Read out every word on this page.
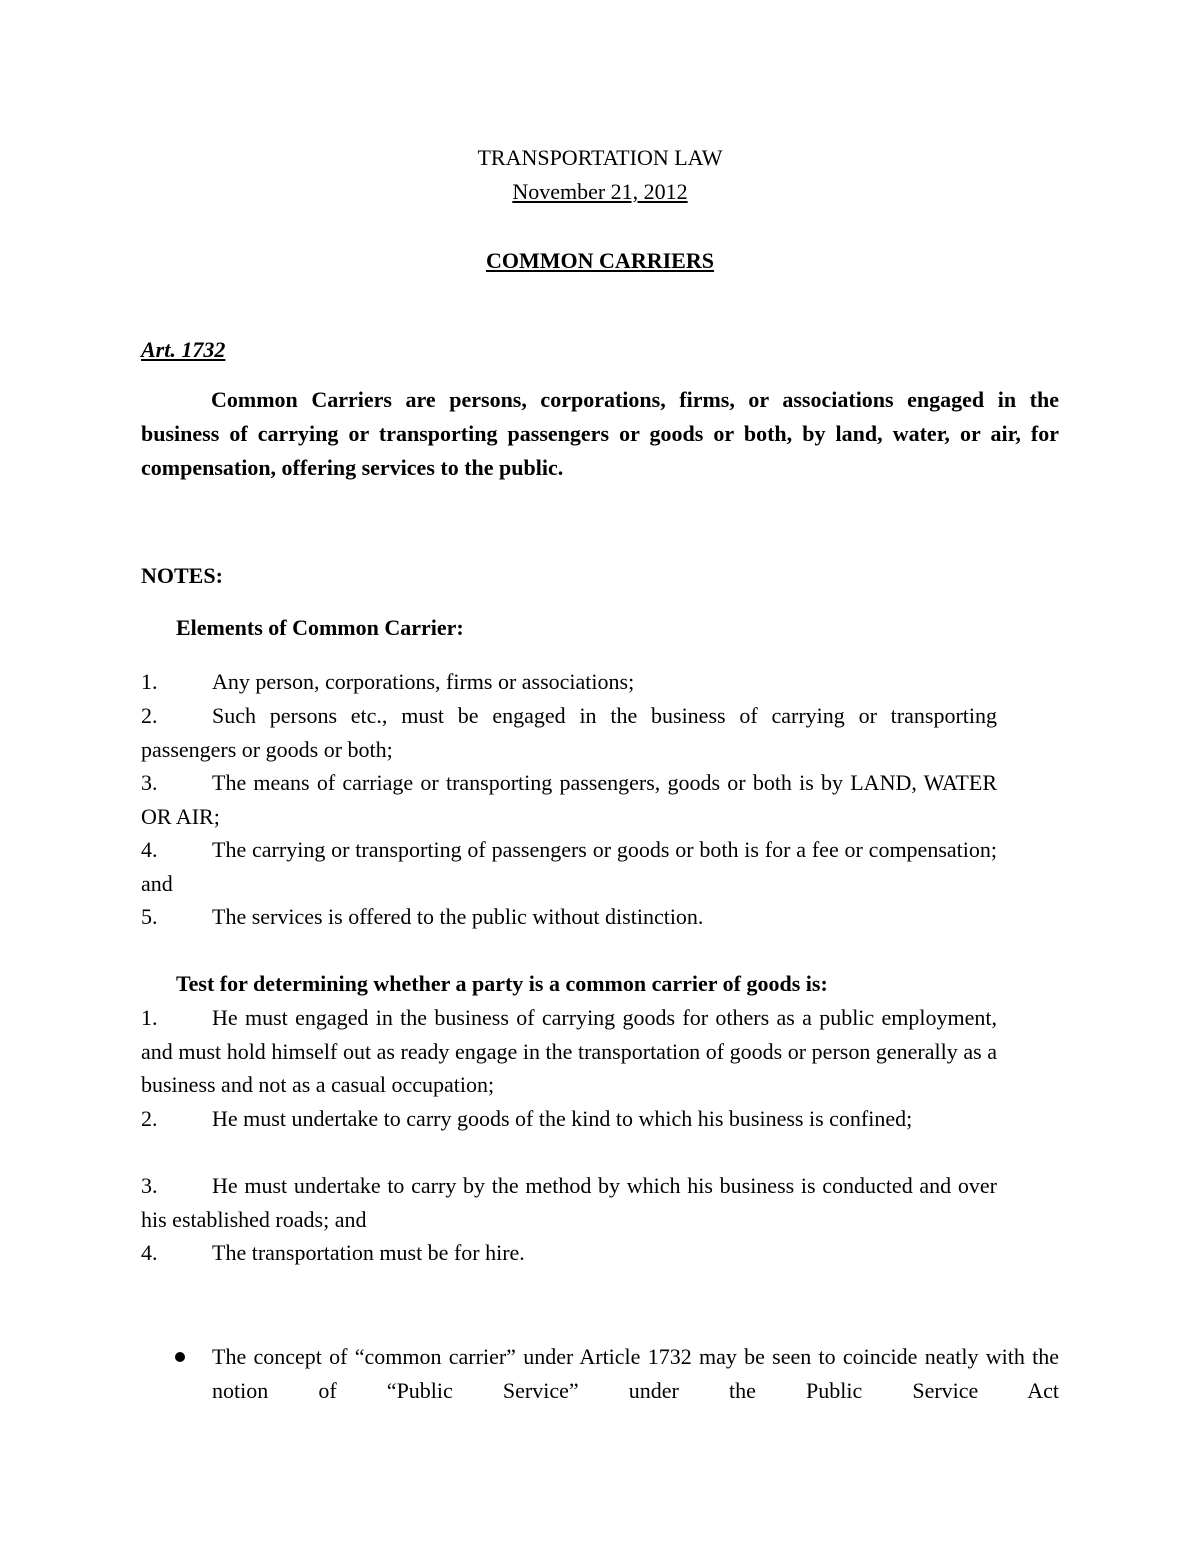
TRANSPORTATION LAW
November 21, 2012
COMMON CARRIERS
Art. 1732
Common Carriers are persons, corporations, firms, or associations engaged in the business of carrying or transporting passengers or goods or both, by land, water, or air, for compensation, offering services to the public.
NOTES:
Elements of Common Carrier:
1. Any person, corporations, firms or associations;
2. Such persons etc., must be engaged in the business of carrying or transporting passengers or goods or both;
3. The means of carriage or transporting passengers, goods or both is by LAND, WATER OR AIR;
4. The carrying or transporting of passengers or goods or both is for a fee or compensation; and
5. The services is offered to the public without distinction.
Test for determining whether a party is a common carrier of goods is:
1. He must engaged in the business of carrying goods for others as a public employment, and must hold himself out as ready engage in the transportation of goods or person generally as a business and not as a casual occupation;
2. He must undertake to carry goods of the kind to which his business is confined;
3. He must undertake to carry by the method by which his business is conducted and over his established roads; and
4. The transportation must be for hire.
The concept of “common carrier” under Article 1732 may be seen to coincide neatly with the notion of “Public Service” under the Public Service Act
